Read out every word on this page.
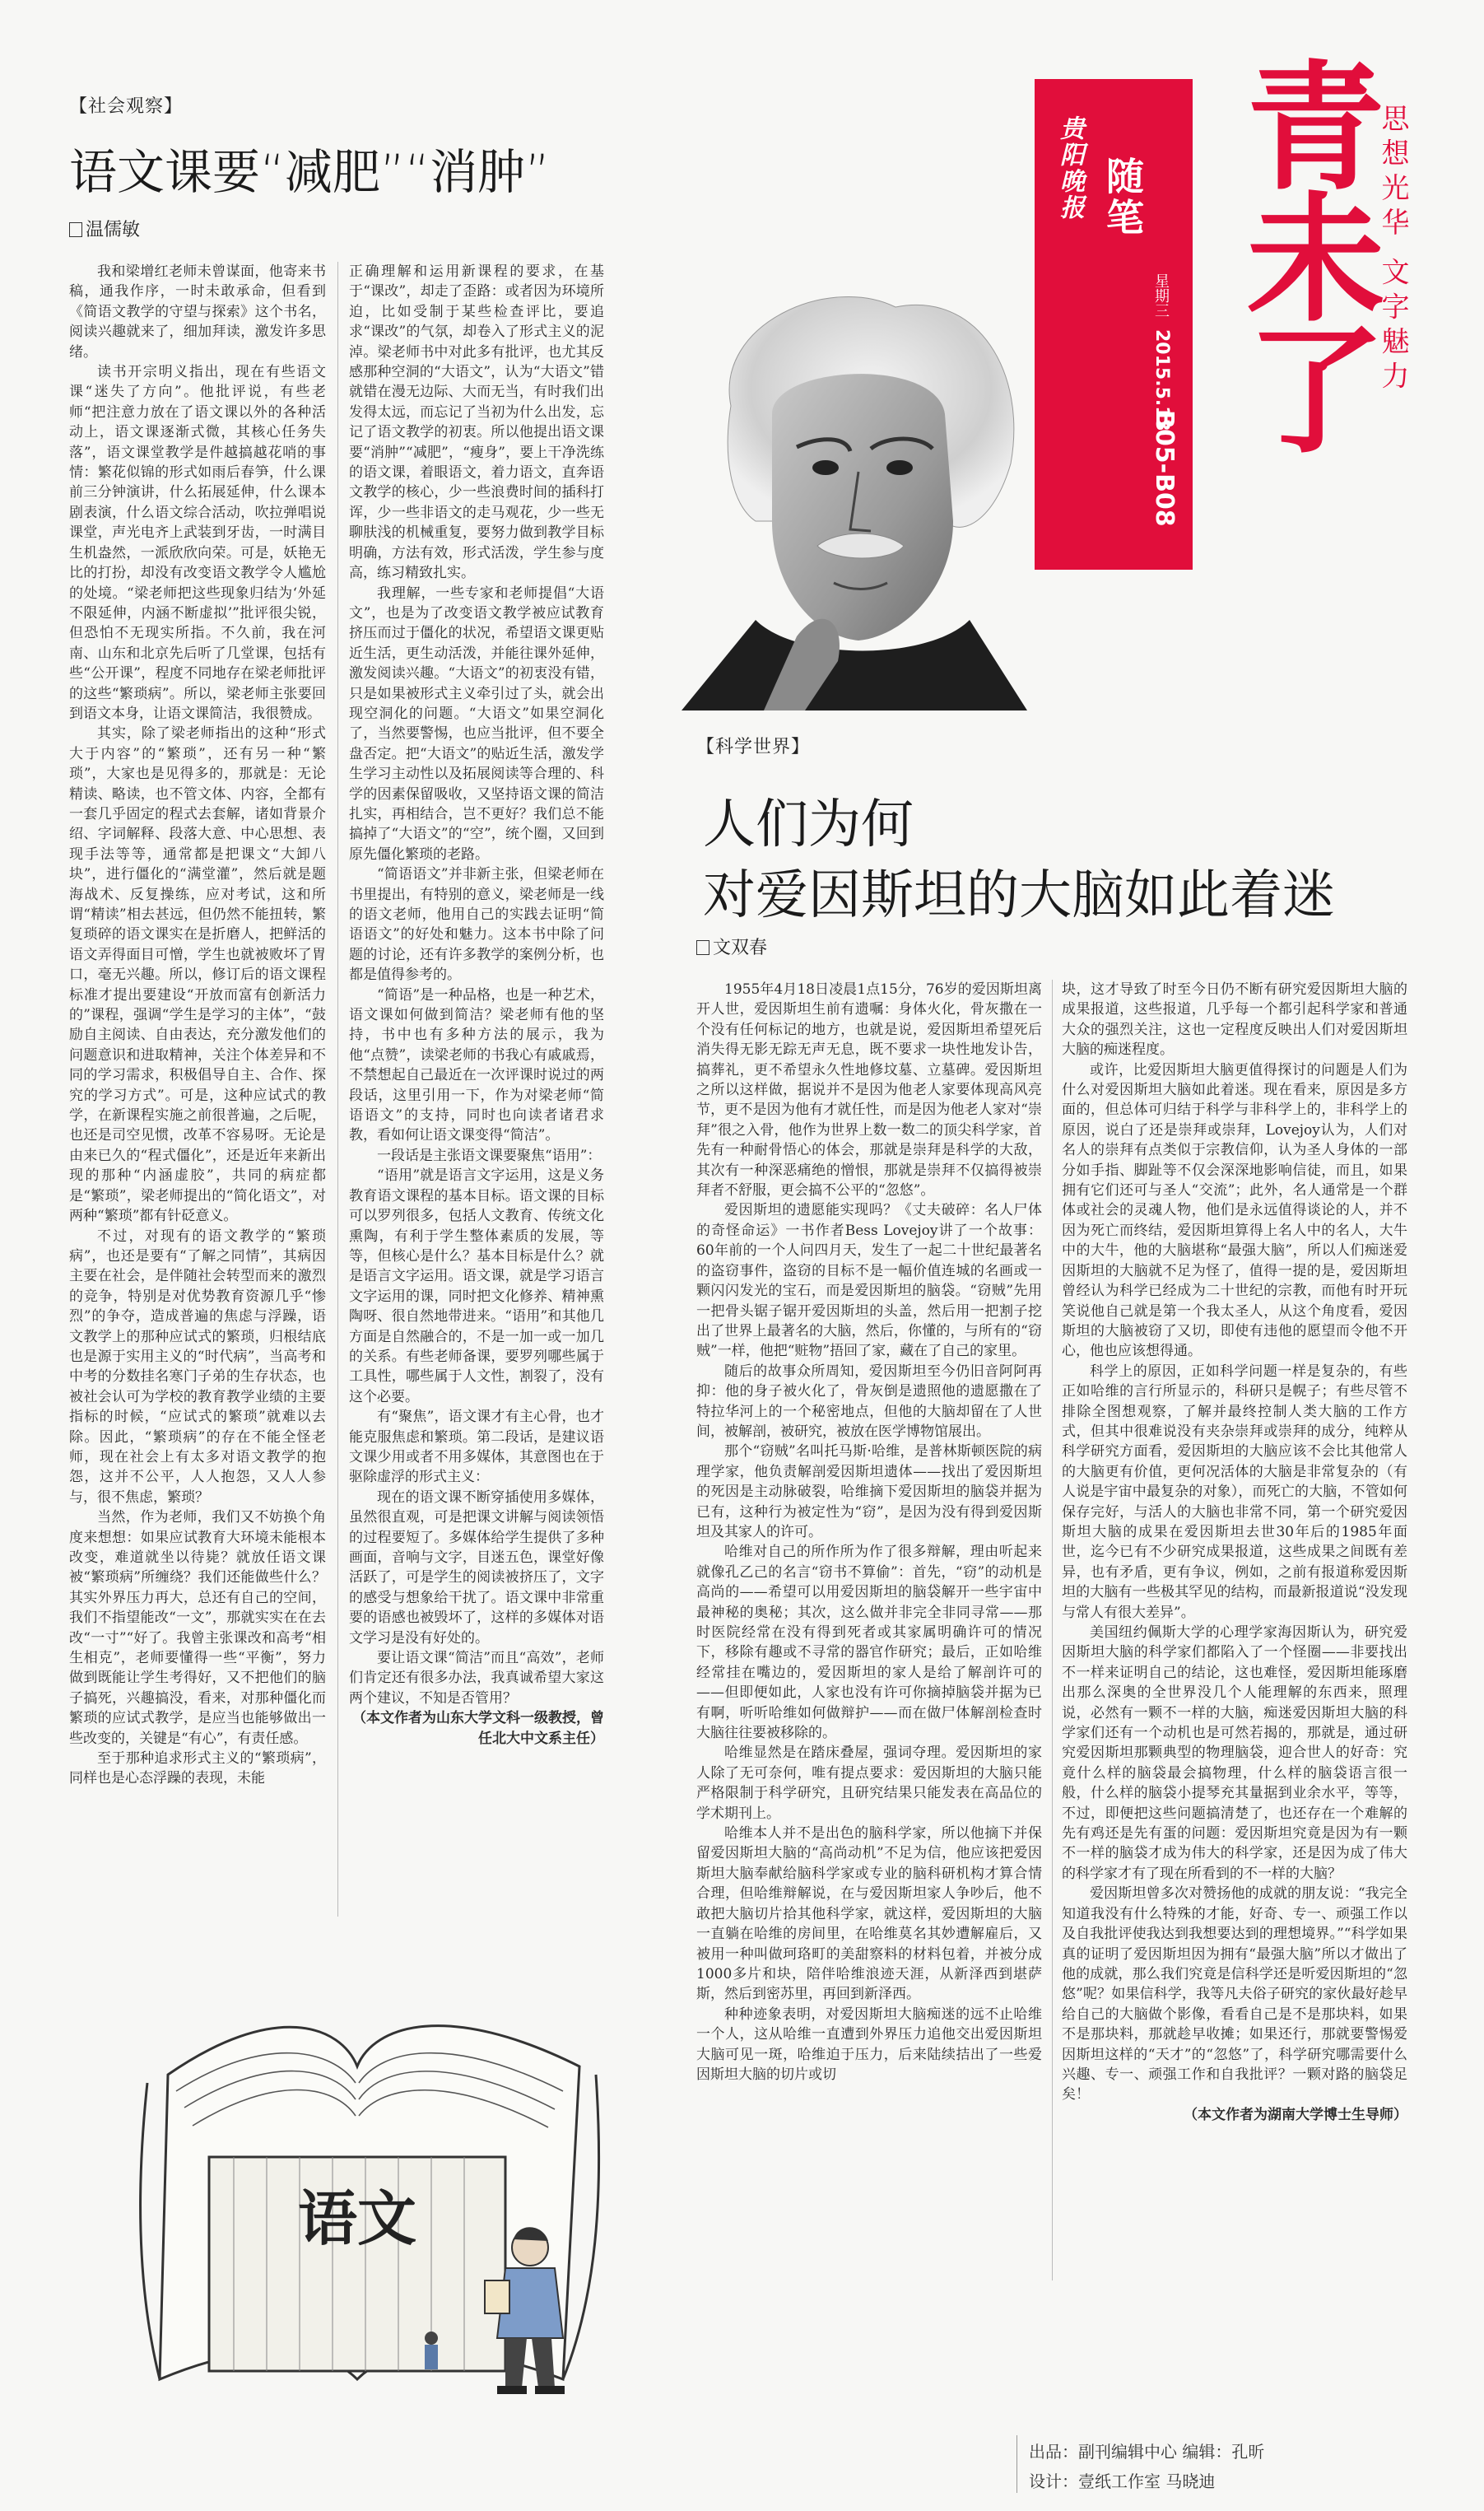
贵阳晚报 随笔
星期三
2015.5.13
B05-B08
青未了
思想光华 文字魅力
【社会观察】
语文课要“减肥”“消肿”
温儒敏

我和梁增红老师未曾谋面，他寄来书稿，通我作序，一时未敢承命，但看到《简语文教学的守望与探索》这个书名，阅读兴趣就来了，细加拜读，激发许多思绪。

读书开宗明义指出，现在有些语文课“迷失了方向”。他批评说，有些老师“把注意力放在了语文课以外的各种活动上，语文课逐渐式微，其核心任务失落”，语文课堂教学是件越搞越花哨的事情：繁花似锦的形式如雨后春笋，什么课前三分钟演讲，什么拓展延伸，什么课本剧表演，什么语文综合活动，吹拉弹唱说课堂，声光电齐上武装到牙齿，一时满目生机盎然，一派欣欣向荣。可是，妖艳无比的打扮，却没有改变语文教学令人尴尬的处境。“梁老师把这些现象归结为‘外延不限延伸，内涵不断虚拟’”批评很尖锐，但恐怕不无现实所指。不久前，我在河南、山东和北京先后听了几堂课，包括有些“公开课”，程度不同地存在梁老师批评的这些“繁琐病”。所以，梁老师主张要回到语文本身，让语文课简洁，我很赞成。

其实，除了梁老师指出的这种“形式大于内容”的“繁琐”，还有另一种“繁琐”，大家也是见得多的，那就是：无论精读、略读，也不管文体、内容，全都有一套几乎固定的程式去套解，诸如背景介绍、字词解释、段落大意、中心思想、表现手法等等，通常都是把课文“大卸八块”，进行僵化的“满堂灌”，然后就是题海战术、反复操练，应对考试，这和所谓“精读”相去甚远，但仍然不能扭转，繁复琐碎的语文课实在是折磨人，把鲜活的语文弄得面目可憎，学生也就被败坏了胃口，毫无兴趣。所以，修订后的语文课程标准才提出要建设“开放而富有创新活力的”课程，强调“学生是学习的主体”，“鼓励自主阅读、自由表达，充分激发他们的问题意识和进取精神，关注个体差异和不同的学习需求，积极倡导自主、合作、探究的学习方式”。可是，这种应试式的教学，在新课程实施之前很普遍，之后呢，也还是司空见惯，改革不容易呀。无论是由来已久的“程式僵化”，还是近年来新出现的那种“内涵虚胶”，共同的病症都是“繁琐”，梁老师提出的“简化语文”，对两种“繁琐”都有针砭意义。

不过，对现有的语文教学的“繁琐病”，也还是要有“了解之同情”，其病因主要在社会，是伴随社会转型而来的激烈的竞争，特别是对优势教育资源几乎“惨烈”的争夺，造成普遍的焦虑与浮躁，语文教学上的那种应试式的繁琐，归根结底也是源于实用主义的“时代病”，当高考和中考的分数挂名寒门子弟的生存状态，也被社会认可为学校的教育教学业绩的主要指标的时候，“应试式的繁琐”就难以去除。因此，“繁琐病”的存在不能全怪老师，现在社会上有太多对语文教学的抱怨，这并不公平，人人抱怨，又人人参与，很不焦虑，繁琐？

当然，作为老师，我们又不妨换个角度来想想：如果应试教育大环境未能根本改变，难道就坐以待毙？就放任语文课被“繁琐病”所缠绕？我们还能做些什么？其实外界压力再大，总还有自己的空间，我们不指望能改“一文”，那就实实在在去改“一寸”“好了。我曾主张课改和高考“相生相克”，老师要懂得一些“平衡”，努力做到既能让学生考得好，又不把他们的脑子搞死，兴趣搞没，看来，对那种僵化而繁琐的应试式教学，是应当也能够做出一些改变的，关键是“有心”，有责任感。

至于那种追求形式主义的“繁琐病”，同样也是心态浮躁的表现，未能

正确理解和运用新课程的要求，在基于“课改”，却走了歪路：或者因为环境所迫，比如受制于某些检查评比，要追求“课改”的气氛，却卷入了形式主义的泥淖。梁老师书中对此多有批评，也尤其反感那种空洞的“大语文”，认为“大语文”错就错在漫无边际、大而无当，有时我们出发得太远，而忘记了当初为什么出发，忘记了语文教学的初衷。所以他提出语文课要“消肿”“减肥”，“瘦身”，要上干净洗练的语文课，着眼语文，着力语文，直奔语文教学的核心，少一些浪费时间的插科打诨，少一些非语文的走马观花，少一些无聊肤浅的机械重复，要努力做到教学目标明确，方法有效，形式活泼，学生参与度高，练习精致扎实。

我理解，一些专家和老师提倡“大语文”，也是为了改变语文教学被应试教育挤压而过于僵化的状况，希望语文课更贴近生活，更生动活泼，并能往课外延伸，激发阅读兴趣。“大语文”的初衷没有错，只是如果被形式主义牵引过了头，就会出现空洞化的问题。“大语文”如果空洞化了，当然要警惕，也应当批评，但不要全盘否定。把“大语文”的贴近生活，激发学生学习主动性以及拓展阅读等合理的、科学的因素保留吸收，又坚持语文课的简洁扎实，再相结合，岂不更好？我们总不能搞掉了“大语文”的“空”，统个圈，又回到原先僵化繁琐的老路。

“简语语文”并非新主张，但梁老师在书里提出，有特别的意义，梁老师是一线的语文老师，他用自己的实践去证明“简语语文”的好处和魅力。这本书中除了问题的讨论，还有许多教学的案例分析，也都是值得参考的。

“简语”是一种品格，也是一种艺术，语文课如何做到简洁？梁老师有他的坚持，书中也有多种方法的展示，我为他“点赞”，读梁老师的书我心有戚戚焉，不禁想起自己最近在一次评课时说过的两段话，这里引用一下，作为对梁老师“简语语文”的支持，同时也向读者诸君求教，看如何让语文课变得“简洁”。

一段话是主张语文课要聚焦“语用”：

“语用”就是语言文字运用，这是义务教育语文课程的基本目标。语文课的目标可以罗列很多，包括人文教育、传统文化熏陶，有利于学生整体素质的发展，等等，但核心是什么？基本目标是什么？就是语言文字运用。语文课，就是学习语言文字运用的课，同时把文化修养、精神熏陶呀、很自然地带进来。“语用”和其他几方面是自然融合的，不是一加一或一加几的关系。有些老师备课，要罗列哪些属于工具性，哪些属于人文性，割裂了，没有这个必要。

有“聚焦”，语文课才有主心骨，也才能克服焦虑和繁琐。第二段话，是建议语文课少用或者不用多媒体，其意图也在于驱除虚浮的形式主义：

现在的语文课不断穿插使用多媒体，虽然很直观，可是把课文讲解与阅读领悟的过程要短了。多媒体给学生提供了多种画面，音响与文字，目迷五色，课堂好像活跃了，可是学生的阅读被挤压了，文字的感受与想象给干扰了。语文课中非常重要的语感也被毁坏了，这样的多媒体对语文学习是没有好处的。

要让语文课“简洁”而且“高效”，老师们肯定还有很多办法，我真诚希望大家这两个建议，不知是否管用？

（本文作者为山东大学文科一级教授，曾任北大中文系主任）

【科学世界】
人们为何
对爱因斯坦的大脑如此着迷
文双春

1955年4月18日凌晨1点15分，76岁的爱因斯坦离开人世，爱因斯坦生前有遗嘱：身体火化，骨灰撒在一个没有任何标记的地方，也就是说，爱因斯坦希望死后消失得无影无踪无声无息，既不要求一块性地发讣告，搞葬礼，更不希望永久性地修坟墓、立墓碑。爱因斯坦之所以这样做，据说并不是因为他老人家要体现高风亮节，更不是因为他有才就任性，而是因为他老人家对“崇拜”很之入骨，他作为世界上数一数二的顶尖科学家，首先有一种耐骨悟心的体会，那就是崇拜是科学的大敌，其次有一种深恶痛绝的憎恨，那就是崇拜不仅搞得被崇拜者不舒服，更会搞不公平的“忽悠”。

爱因斯坦的遗愿能实现吗？《丈夫破碎：名人尸体的奇怪命运》一书作者Bess Lovejoy讲了一个故事：60年前的一个人问四月天，发生了一起二十世纪最著名的盗窃事件，盗窃的目标不是一幅价值连城的名画或一颗闪闪发光的宝石，而是爱因斯坦的脑袋。“窃贼”先用一把骨头锯子锯开爱因斯坦的头盖，然后用一把割子挖出了世界上最著名的大脑，然后，你懂的，与所有的“窃贼”一样，他把“赃物”捂回了家，藏在了自己的家里。

随后的故事众所周知，爱因斯坦至今仍旧音阿阿再抑：他的身子被火化了，骨灰倒是遗照他的遗愿撒在了特拉华河上的一个秘密地点，但他的大脑却留在了人世间，被解剖，被研究，被放在医学博物馆展出。

那个“窃贼”名叫托马斯·哈维，是普林斯顿医院的病理学家，他负责解剖爱因斯坦遗体——找出了爱因斯坦的死因是主动脉破裂，哈维摘下爱因斯坦的脑袋并据为已有，这种行为被定性为“窃”，是因为没有得到爱因斯坦及其家人的许可。

哈维对自己的所作所为作了很多辩解，理由听起来就像孔乙己的名言“窃书不算偷”：首先，“窃”的动机是高尚的——希望可以用爱因斯坦的脑袋解开一些宇宙中最神秘的奥秘；其次，这么做并非完全非同寻常——那时医院经常在没有得到死者或其家属明确许可的情况下，移除有趣或不寻常的器官作研究；最后，正如哈维经常挂在嘴边的，爱因斯坦的家人是给了解剖许可的——但即便如此，人家也没有许可你摘掉脑袋并据为已有啊，听听哈维如何做辩护——而在做尸体解剖检查时大脑往往要被移除的。

哈维显然是在踏床叠屋，强词夺理。爱因斯坦的家人除了无可奈何，唯有提点要求：爱因斯坦的大脑只能严格限制于科学研究，且研究结果只能发表在高品位的学术期刊上。

哈维本人并不是出色的脑科学家，所以他摘下并保留爱因斯坦大脑的“高尚动机”不足为信，他应该把爱因斯坦大脑奉献给脑科学家或专业的脑科研机构才算合情合理，但哈维辩解说，在与爱因斯坦家人争吵后，他不敢把大脑切片拾其他科学家，就这样，爱因斯坦的大脑一直躺在哈维的房间里，在哈维莫名其妙遭解雇后，又被用一种叫做珂珞町的美甜察料的材料包着，并被分成1000多片和块，陪伴哈维浪迹天涯，从新泽西到堪萨斯，然后到密苏里，再回到新泽西。

种种迹象表明，对爱因斯坦大脑痴迷的远不止哈维一个人，这从哈维一直遭到外界压力追他交出爱因斯坦大脑可见一斑，哈维迫于压力，后来陆续拮出了一些爱因斯坦大脑的切片或切

块，这才导致了时至今日仍不断有研究爱因斯坦大脑的成果报道，这些报道，几乎每一个都引起科学家和普通大众的强烈关注，这也一定程度反映出人们对爱因斯坦大脑的痴迷程度。

或许，比爱因斯坦大脑更值得探讨的问题是人们为什么对爱因斯坦大脑如此着迷。现在看来，原因是多方面的，但总体可归结于科学与非科学上的，非科学上的原因，说白了还是崇拜或崇拜，Lovejoy认为，人们对名人的崇拜有点类似于宗教信仰，认为圣人身体的一部分如手指、脚趾等不仅会深深地影响信徒，而且，如果拥有它们还可与圣人“交流”；此外，名人通常是一个群体或社会的灵魂人物，他们是永远值得谈论的人，并不因为死亡而终结，爱因斯坦算得上名人中的名人，大牛中的大牛，他的大脑堪称“最强大脑”，所以人们痴迷爱因斯坦的大脑就不足为怪了，值得一提的是，爱因斯坦曾经认为科学已经成为二十世纪的宗教，而他有时开玩笑说他自己就是第一个我太圣人，从这个角度看，爱因斯坦的大脑被窃了又切，即使有违他的愿望而令他不开心，他也应该想得通。

科学上的原因，正如科学问题一样是复杂的，有些正如哈维的言行所显示的，科研只是幌子；有些尽管不排除全图想观察，了解并最终控制人类大脑的工作方式，但其中很难说没有夹杂崇拜或崇拜的成分，纯粹从科学研究方面看，爱因斯坦的大脑应该不会比其他常人的大脑更有价值，更何况活体的大脑是非常复杂的（有人说是宇宙中最复杂的对象），而死亡的大脑，不管如何保存完好，与活人的大脑也非常不同，第一个研究爱因斯坦大脑的成果在爱因斯坦去世30年后的1985年面世，迄今已有不少研究成果报道，这些成果之间既有差异，也有矛盾，更有争议，例如，之前有报道称爱因斯坦的大脑有一些极其罕见的结构，而最新报道说“没发现与常人有很大差异”。

美国纽约佩斯大学的心理学家海因斯认为，研究爱因斯坦大脑的科学家们都陷入了一个怪圈——非要找出不一样来证明自己的结论，这也难怪，爱因斯坦能琢磨出那么深奥的全世界没几个人能理解的东西来，照理说，必然有一颗不一样的大脑，痴迷爱因斯坦大脑的科学家们还有一个动机也是可然若揭的，那就是，通过研究爱因斯坦那颗典型的物理脑袋，迎合世人的好奇：究竟什么样的脑袋最会搞物理，什么样的脑袋语言很一般，什么样的脑袋小提琴充其量据到业余水平，等等，不过，即便把这些问题搞清楚了，也还存在一个难解的先有鸡还是先有蛋的问题：爱因斯坦究竟是因为有一颗不一样的脑袋才成为伟大的科学家，还是因为成了伟大的科学家才有了现在所看到的不一样的大脑？

爱因斯坦曾多次对赞扬他的成就的朋友说：“我完全知道我没有什么特殊的才能，好奇、专一、顽强工作以及自我批评使我达到我想要达到的理想境界。”“科学如果真的证明了爱因斯坦因为拥有“最强大脑”所以才做出了他的成就，那么我们究竟是信科学还是听爱因斯坦的“忽悠”呢？如果信科学，我等凡夫俗子研究的家伙最好趁早给自己的大脑做个影像，看看自己是不是那块料，如果不是那块料，那就趁早收摊；如果还行，那就要警惕爱因斯坦这样的“天才”的“忽悠”了，科学研究哪需要什么兴趣、专一、顽强工作和自我批评？一颗对路的脑袋足矣！

（本文作者为湖南大学博士生导师）

语文
出品：副刊编辑中心 编辑：孔昕
设计：壹纸工作室 马晓迪
